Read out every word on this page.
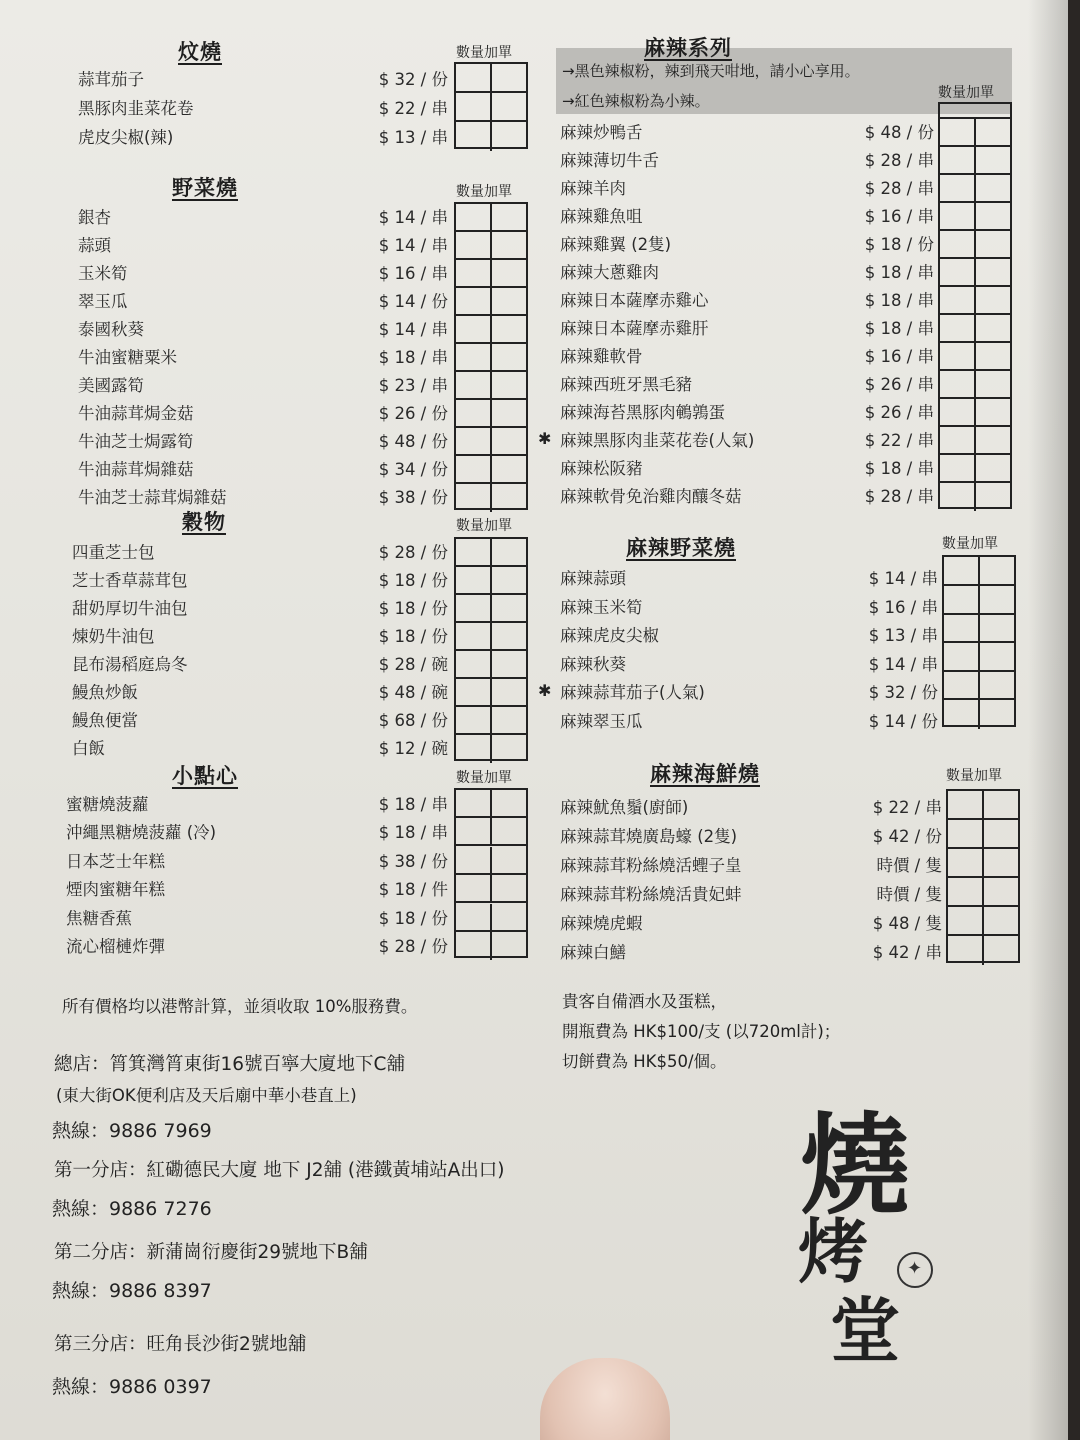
炆燒	數量加單
蒜茸茄子	$ 32 / 份
黑豚肉韭菜花卷	$ 22 / 串
虎皮尖椒(辣)	$ 13 / 串
野菜燒	數量加單
銀杏	$ 14 / 串
蒜頭	$ 14 / 串
玉米筍	$ 16 / 串
翠玉瓜	$ 14 / 份
泰國秋葵	$ 14 / 串
牛油蜜糖粟米	$ 18 / 串
美國露筍	$ 23 / 串
牛油蒜茸焗金菇	$ 26 / 份
牛油芝士焗露筍	$ 48 / 份
牛油蒜茸焗雜菇	$ 34 / 份
牛油芝士蒜茸焗雜菇	$ 38 / 份
穀物	數量加單
四重芝士包	$ 28 / 份
芝士香草蒜茸包	$ 18 / 份
甜奶厚切牛油包	$ 18 / 份
煉奶牛油包	$ 18 / 份
昆布湯稻庭烏冬	$ 28 / 碗
鰻魚炒飯	$ 48 / 碗
鰻魚便當	$ 68 / 份
白飯	$ 12 / 碗
小點心	數量加單
蜜糖燒菠蘿	$ 18 / 串
沖繩黑糖燒菠蘿 (冷)	$ 18 / 串
日本芝士年糕	$ 38 / 份
煙肉蜜糖年糕	$ 18 / 件
焦糖香蕉	$ 18 / 份
流心榴槤炸彈	$ 28 / 份
麻辣系列
數量加單
→黑色辣椒粉，辣到飛天咁地，請小心享用。
→紅色辣椒粉為小辣。
麻辣炒鴨舌	$ 48 / 份
麻辣薄切牛舌	$ 28 / 串
麻辣羊肉	$ 28 / 串
麻辣雞魚咀	$ 16 / 串
麻辣雞翼 (2隻)	$ 18 / 份
麻辣大蔥雞肉	$ 18 / 串
麻辣日本薩摩赤雞心	$ 18 / 串
麻辣日本薩摩赤雞肝	$ 18 / 串
麻辣雞軟骨	$ 16 / 串
麻辣西班牙黑毛豬	$ 26 / 串
麻辣海苔黑豚肉鵪鶉蛋	$ 26 / 串
麻辣黑豚肉韭菜花卷(人氣)	$ 22 / 串
✱
麻辣松阪豬	$ 18 / 串
麻辣軟骨免治雞肉釀冬菇	$ 28 / 串
麻辣野菜燒	數量加單
麻辣蒜頭	$ 14 / 串
麻辣玉米筍	$ 16 / 串
麻辣虎皮尖椒	$ 13 / 串
麻辣秋葵	$ 14 / 串
麻辣蒜茸茄子(人氣)	$ 32 / 份
✱
麻辣翠玉瓜	$ 14 / 份
麻辣海鮮燒	數量加單
麻辣魷魚鬚(廚師)	$ 22 / 串
麻辣蒜茸燒廣島蠔 (2隻)	$ 42 / 份
麻辣蒜茸粉絲燒活蟶子皇	時價 / 隻
麻辣蒜茸粉絲燒活貴妃蚌	時價 / 隻
麻辣燒虎蝦	$ 48 / 隻
麻辣白鱔	$ 42 / 串
所有價格均以港幣計算，並須收取 10%服務費。	貴客自備酒水及蛋糕，
開瓶費為 HK$100/支 (以720ml計)；
切餅費為 HK$50/個。
總店：筲箕灣筲東街16號百寧大廈地下C舖
(東大街OK便利店及天后廟中華小巷直上)
熱線：9886 7969
第一分店：紅磡德民大廈 地下 J2舖 (港鐵黃埔站A出口)
熱線：9886 7276
第二分店：新蒲崗衍慶街29號地下B舖
熱線：9886 8397
第三分店：旺角長沙街2號地舖
熱線：9886 0397
✦
燒
烤
堂
